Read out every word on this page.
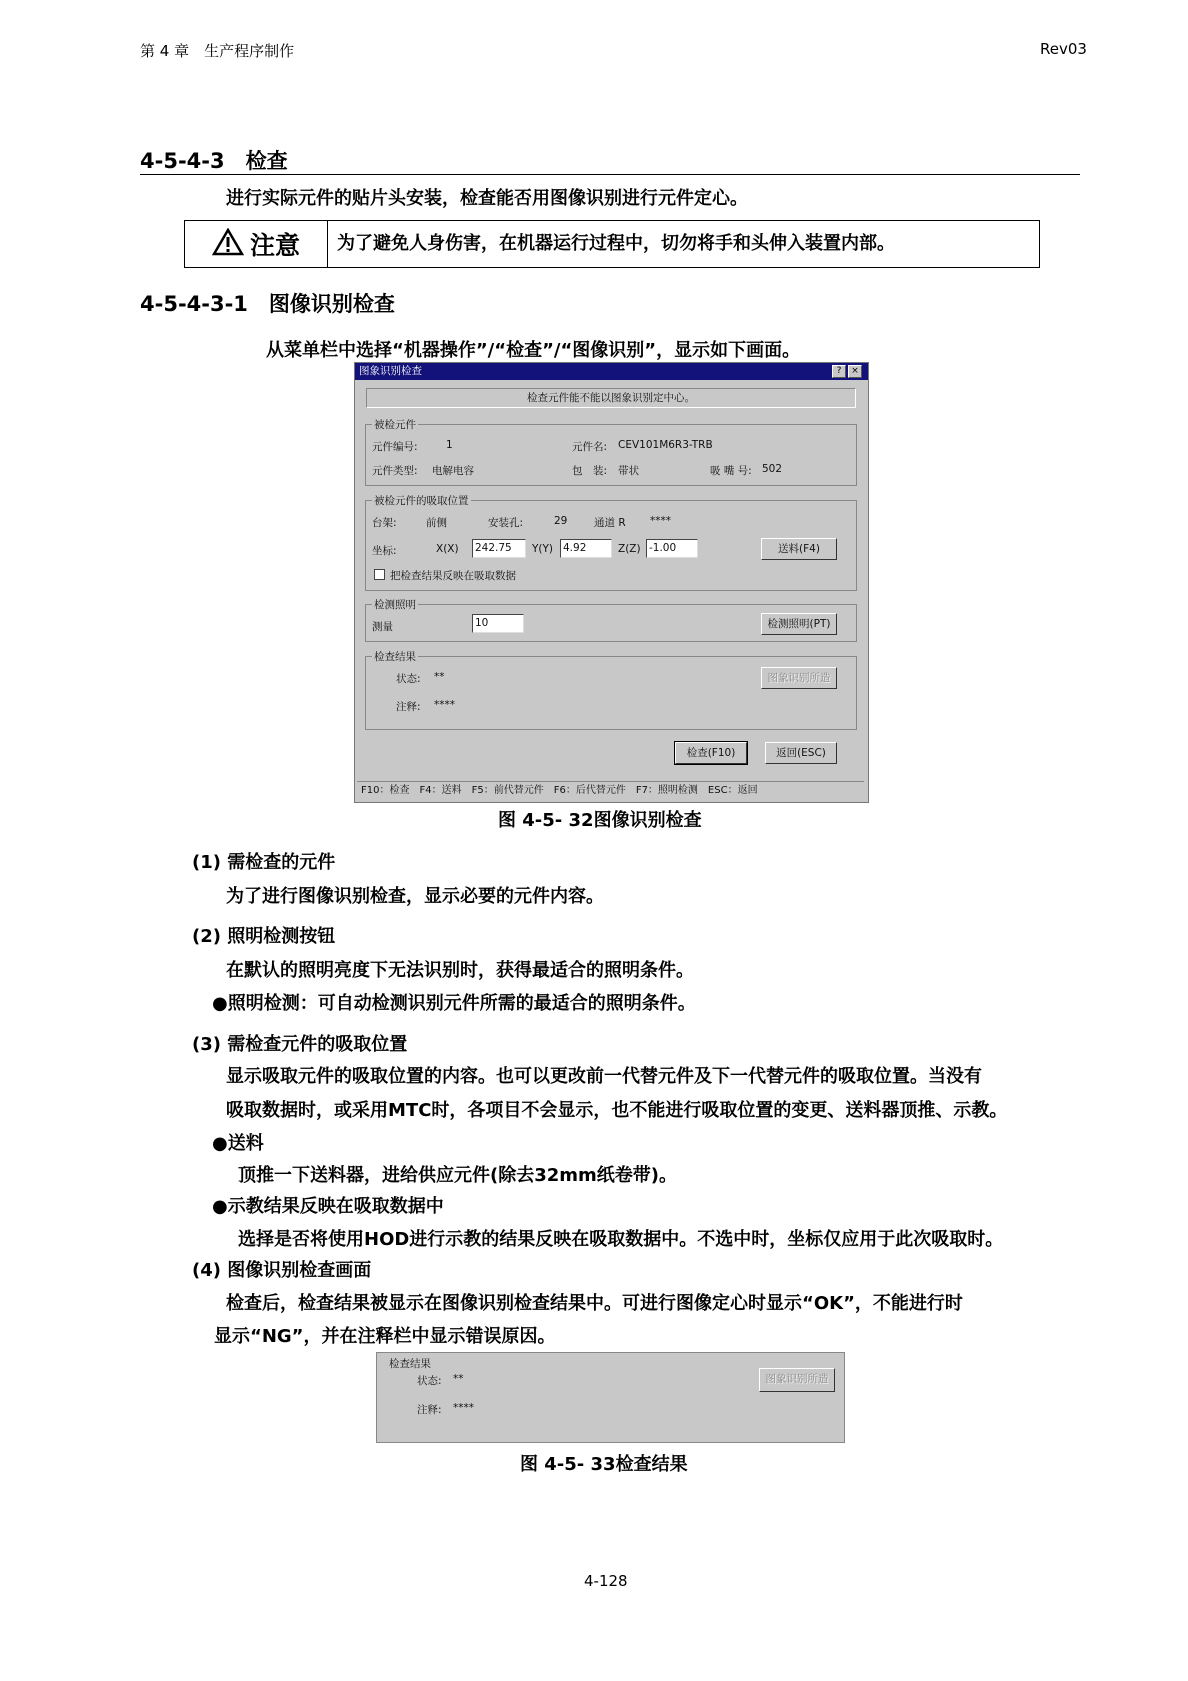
第 4 章　生产程序制作	Rev03
4-5-4-3　检查
进行实际元件的贴片头安装，检查能否用图像识别进行元件定心。
注意 为了避免人身伤害，在机器运行过程中，切勿将手和头伸入装置内部。
4-5-4-3-1　图像识别检查
从菜单栏中选择“机器操作”/“检查”/“图像识别”，显示如下画面。
图象识别检查	?	×
检查元件能不能以图象识别定中心。
被检元件
元件编号:	1	元件名: CEV101M6R3-TRB
元件类型: 电解电容	包　装: 带状	吸 嘴 号: 502
被检元件的吸取位置
台架:	前侧	安装孔:	29	通道 R ****
坐标:	X(X) 242.75	Y(Y) 4.92	Z(Z) -1.00	送料(F4)
把检查结果反映在吸取数据
检测照明
测量	10	检测照明(PT)
检查结果
状态: **
注释: ****
图象识别所造
检查(F10)	返回(ESC)
F10：检查　F4：送料　F5：前代替元件　F6：后代替元件　F7：照明检测　ESC：返回
图 4-5- 32图像识别检查
(1) 需检查的元件
为了进行图像识别检查，显示必要的元件内容。
(2) 照明检测按钮
在默认的照明亮度下无法识别时，获得最适合的照明条件。
●照明检测：可自动检测识别元件所需的最适合的照明条件。
(3) 需检查元件的吸取位置
显示吸取元件的吸取位置的内容。也可以更改前一代替元件及下一代替元件的吸取位置。当没有
吸取数据时，或采用MTC时，各项目不会显示，也不能进行吸取位置的变更、送料器顶推、示教。
●送料
顶推一下送料器，进给供应元件(除去32mm纸卷带)。
●示教结果反映在吸取数据中
选择是否将使用HOD进行示教的结果反映在吸取数据中。不选中时，坐标仅应用于此次吸取时。
(4) 图像识别检查画面
检查后，检查结果被显示在图像识别检查结果中。可进行图像定心时显示“OK”，不能进行时
显示“NG”，并在注释栏中显示错误原因。
检查结果
状态: **
注释: ****
图象识别所造
图 4-5- 33检查结果
4-128
